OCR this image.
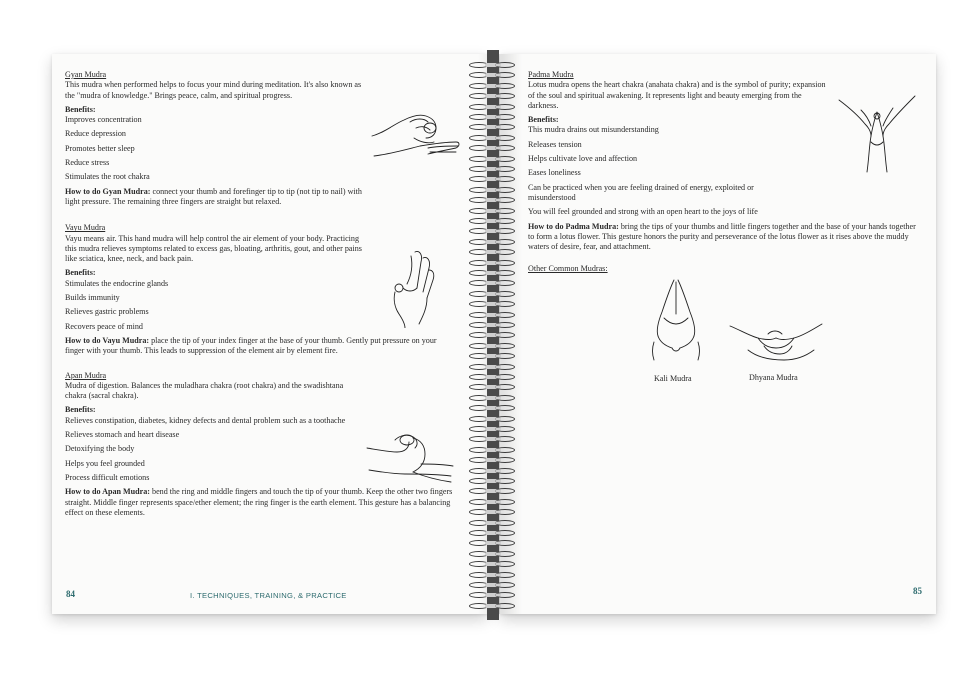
Gyan Mudra
This mudra when performed helps to focus your mind during meditation. It's also known as the "mudra of knowledge." Brings peace, calm, and spiritual progress.
Benefits:
Improves concentration
Reduce depression
Promotes better sleep
Reduce stress
Stimulates the root chakra
How to do Gyan Mudra: connect your thumb and forefinger tip to tip (not tip to nail) with light pressure. The remaining three fingers are straight but relaxed.
Vayu Mudra
Vayu means air. This hand mudra will help control the air element of your body. Practicing this mudra relieves symptoms related to excess gas, bloating, arthritis, gout, and other pains like sciatica, knee, neck, and back pain.
Benefits:
Stimulates the endocrine glands
Builds immunity
Relieves gastric problems
Recovers peace of mind
How to do Vayu Mudra: place the tip of your index finger at the base of your thumb. Gently put pressure on your finger with your thumb. This leads to suppression of the element air by element fire.
Apan Mudra
Mudra of digestion. Balances the muladhara chakra (root chakra) and the swadishtana chakra (sacral chakra).
Benefits:
Relieves constipation, diabetes, kidney defects and dental problem such as a toothache
Relieves stomach and heart disease
Detoxifying the body
Helps you feel grounded
Process difficult emotions
How to do Apan Mudra: bend the ring and middle fingers and touch the tip of your thumb. Keep the other two fingers straight. Middle finger represents space/ether element; the ring finger is the earth element. This gesture has a balancing effect on these elements.
84	I. TECHNIQUES, TRAINING, & PRACTICE
Padma Mudra
Lotus mudra opens the heart chakra (anahata chakra) and is the symbol of purity; expansion of the soul and spiritual awakening. It represents light and beauty emerging from the darkness.
Benefits:
This mudra drains out misunderstanding
Releases tension
Helps cultivate love and affection
Eases loneliness
Can be practiced when you are feeling drained of energy, exploited or misunderstood
You will feel grounded and strong with an open heart to the joys of life
How to do Padma Mudra: bring the tips of your thumbs and little fingers together and the base of your hands together to form a lotus flower. This gesture honors the purity and perseverance of the lotus flower as it rises above the muddy waters of desire, fear, and attachment.
Other Common Mudras:
Kali Mudra	Dhyana Mudra
85
